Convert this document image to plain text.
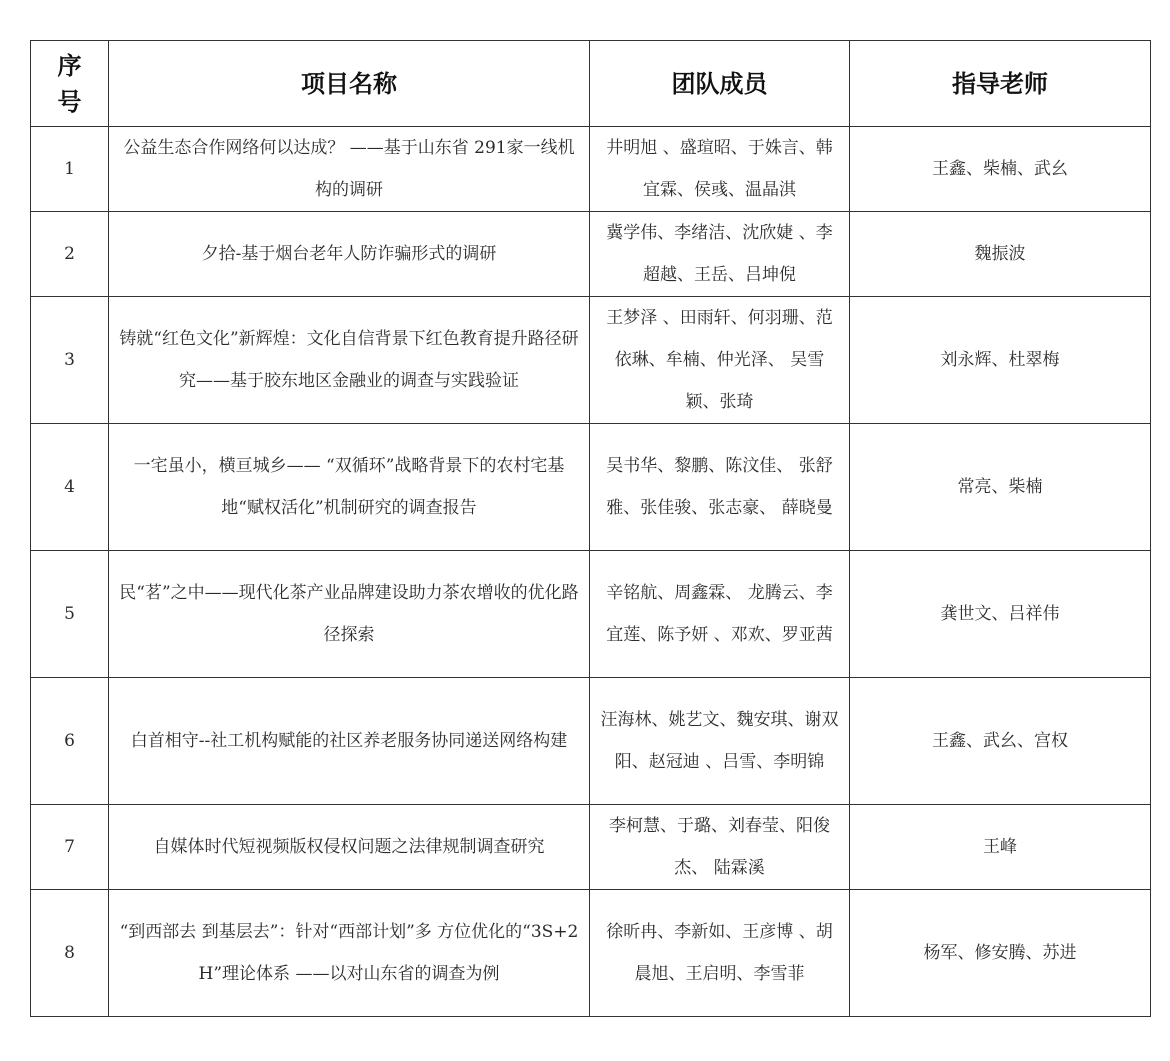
序号	项目名称	团队成员	指导老师
1	公益生态合作网络何以达成？ ——基于山东省 291家一线机构的调研	井明旭 、盛瑄昭、于姝言、韩宜霖、侯彧、温晶淇	王鑫、柴楠、武幺
2	夕拾-基于烟台老年人防诈骗形式的调研	冀学伟、李绪洁、沈欣婕 、李超越、王岳、吕坤倪	魏振波
3	铸就“红色文化”新辉煌：文化自信背景下红色教育提升路径研究——基于胶东地区金融业的调查与实践验证	王梦泽 、田雨轩、何羽珊、范依琳、牟楠、仲光泽、 吴雪颖、张琦	刘永辉、杜翠梅
4	一宅虽小，横亘城乡—— “双循环”战略背景下的农村宅基地“赋权活化”机制研究的调查报告	吴书华、黎鹏、陈汶佳、 张舒雅、张佳骏、张志豪、 薛晓曼	常亮、柴楠
5	民“茗”之中——现代化茶产业品牌建设助力茶农增收的优化路径探索	辛铭航、周鑫霖、 龙腾云、李宜莲、陈予妍 、邓欢、罗亚茜	龚世文、吕祥伟
6	白首相守--社工机构赋能的社区养老服务协同递送网络构建	汪海林、姚艺文、魏安琪、谢双阳、赵冠迪 、吕雪、李明锦	王鑫、武幺、宫权
7	自媒体时代短视频版权侵权问题之法律规制调查研究	李柯慧、于璐、刘春莹、阳俊杰、 陆霖溪	王峰
8	“到西部去 到基层去”：针对“西部计划”多 方位优化的“3S+2H”理论体系 ——以对山东省的调查为例	徐昕冉、李新如、王彦博 、胡晨旭、王启明、李雪菲	杨军、修安腾、苏进
